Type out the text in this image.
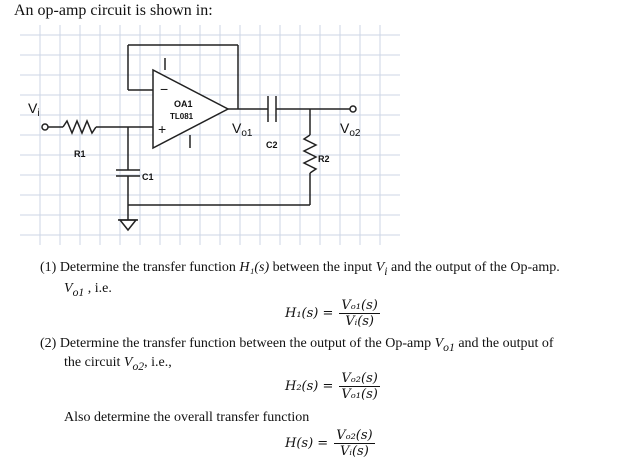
An op-amp circuit is shown in:
$V_i$
OA1
TL081
−
+	$V_{o1}$	$V_{o2}$
R1	R2
C1
C2
(1) Determine the transfer function H₁(s) between the input $V_i$ and the output of the Op-amp.
$V_{o1}$ , i.e.
$H_1(s) = \frac{\text{Vₒ₁(s)}}{\text{Vᵢ(s)}}$
(2) Determine the transfer function between the output of the Op-amp $V_{o1}$ and the output of
the circuit $V_{o2}$, i.e.,
$H_2(s) = \frac{\text{Vₒ₂(s)}}{\text{Vₒ₁(s)}}$
Also determine the overall transfer function
$H(s) = \frac{\text{Vₒ₂(s)}}{\text{Vᵢ(s)}}$
